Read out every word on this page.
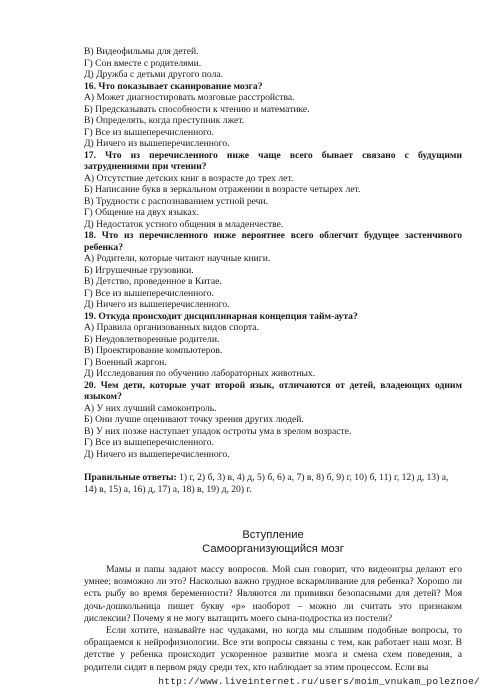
В) Видеофильмы для детей.
Г) Сон вместе с родителями.
Д) Дружба с детьми другого пола.
16. Что показывает сканирование мозга?
А) Может диагностировать мозговые расстройства.
Б) Предсказывать способности к чтению и математике.
В) Определять, когда преступник лжет.
Г) Все из вышеперечисленного.
Д) Ничего из вышеперечисленного.
17. Что из перечисленного ниже чаще всего бывает связано с будущими затруднениями при чтении?
А) Отсутствие детских книг в возрасте до трех лет.
Б) Написание букв в зеркальном отражении в возрасте четырех лет.
В) Трудности с распознаванием устной речи.
Г) Общение на двух языках.
Д) Недостаток устного общения в младенчестве.
18. Что из перечисленного ниже вероятнее всего облегчит будущее застенчивого ребенка?
А) Родители, которые читают научные книги.
Б) Игрушечные грузовики.
В) Детство, проведенное в Китае.
Г) Все из вышеперечисленного.
Д) Ничего из вышеперечисленного.
19. Откуда происходит дисциплинарная концепция тайм-аута?
А) Правила организованных видов спорта.
Б) Неудовлетворенные родители.
В) Проектирование компьютеров.
Г) Военный жаргон.
Д) Исследования по обучению лабораторных животных.
20. Чем дети, которые учат второй язык, отличаются от детей, владеющих одним языком?
А) У них лучший самоконтроль.
Б) Они лучше оценивают точку зрения других людей.
В) У них позже наступает упадок остроты ума в зрелом возрасте.
Г) Все из вышеперечисленного.
Д) Ничего из вышеперечисленного.
Правильные ответы: 1) г, 2) б, 3) в, 4) д, 5) б, 6) а, 7) в, 8) б, 9) г, 10) б, 11) г, 12) д, 13) а, 14) в, 15) а, 16) д, 17) а, 18) в, 19) д, 20) г.
Вступление
Самоорганизующийся мозг
Мамы и папы задают массу вопросов. Мой сын говорит, что видеоигры делают его умнее; возможно ли это? Насколько важно грудное вскармливание для ребенка? Хорошо ли есть рыбу во время беременности? Являются ли прививки безопасными для детей? Моя дочь-дошкольница пишет букву «р» наоборот – можно ли считать это признаком дислексии? Почему я не могу вытащить моего сына-подростка из постели?
Если хотите, называйте нас чудаками, но когда мы слышим подобные вопросы, то обращаемся к нейрофизиологии. Все эти вопросы связаны с тем, как работает наш мозг. В детстве у ребенка происходит ускоренное развитие мозга и смена схем поведения, а родители сидят в первом ряду среди тех, кто наблюдает за этим процессом. Если вы
http://www.liveinternet.ru/users/moim_vnukam_poleznoe/
